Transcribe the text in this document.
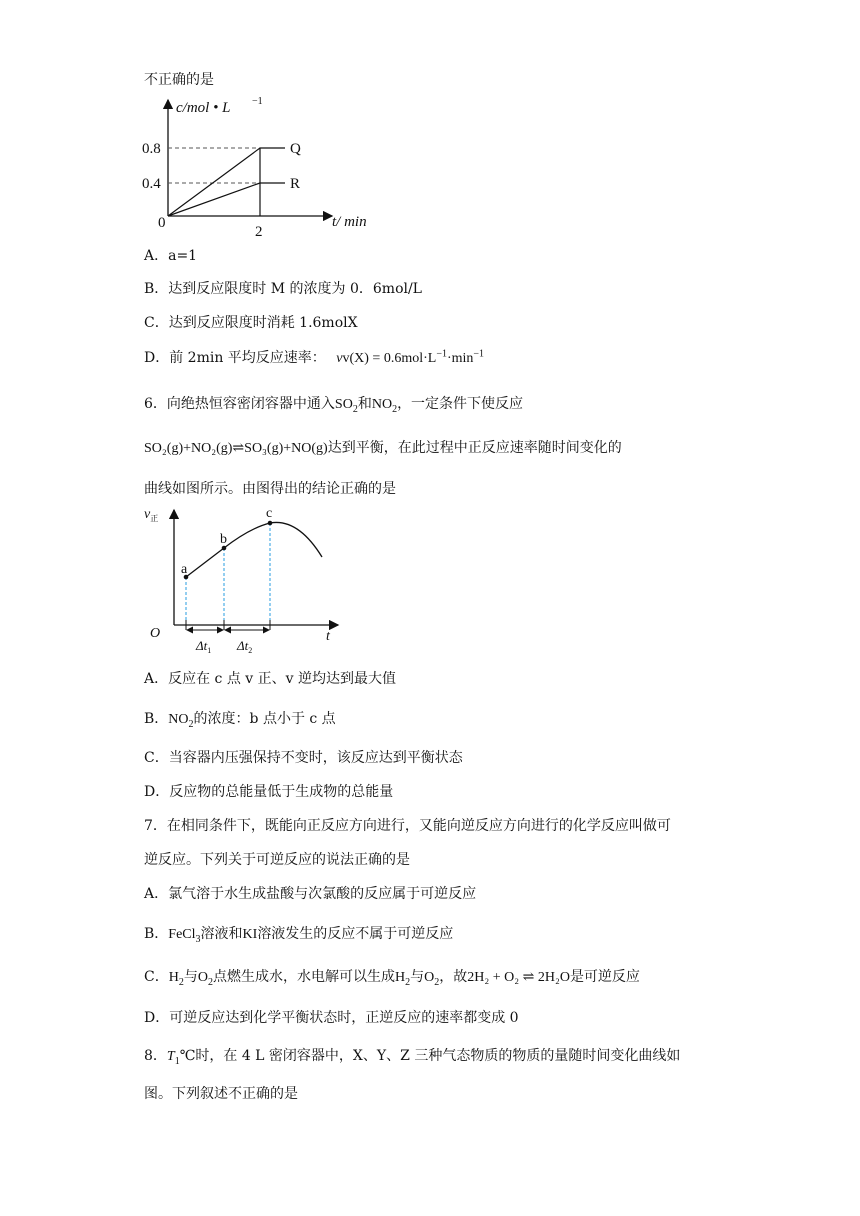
不正确的是
c/mol • L −1
0.8
0.4
0
2
t/ min
Q
R
A．a=1
B．达到反应限度时 M 的浓度为 0．6mol/L
C．达到反应限度时消耗 1.6molX
D．前 2min 平均反应速率： $vv(X) = 0.6mol\cdot L^{-1}\cdot\min^{-1}$
6．向绝热恒容密闭容器中通入$SO_2$和$NO_2$，一定条件下使反应
SO₂(g)+NO₂(g)⇌SO₃(g)+NO(g)达到平衡，在此过程中正反应速率随时间变化的
曲线如图所示。由图得出的结论正确的是
$v_正$
O	t
a
b
c
$\Delta t_1$ $\Delta t_2$
A．反应在 c 点 v 正、v 逆均达到最大值
B．$NO_2$的浓度：b 点小于 c 点
C．当容器内压强保持不变时，该反应达到平衡状态
D．反应物的总能量低于生成物的总能量
7．在相同条件下，既能向正反应方向进行，又能向逆反应方向进行的化学反应叫做可
逆反应。下列关于可逆反应的说法正确的是
A．氯气溶于水生成盐酸与次氯酸的反应属于可逆反应
B．FeCl$_3$溶液和KI溶液发生的反应不属于可逆反应
C．$H_2$与$O_2$点燃生成水，水电解可以生成$H_2$与$O_2$，故2H₂ + O₂ ⇌ 2H₂O是可逆反应
D．可逆反应达到化学平衡状态时，正逆反应的速率都变成 0
8．$T_1℃$时，在 4 L 密闭容器中，X、Y、Z 三种气态物质的物质的量随时间变化曲线如
图。下列叙述不正确的是
